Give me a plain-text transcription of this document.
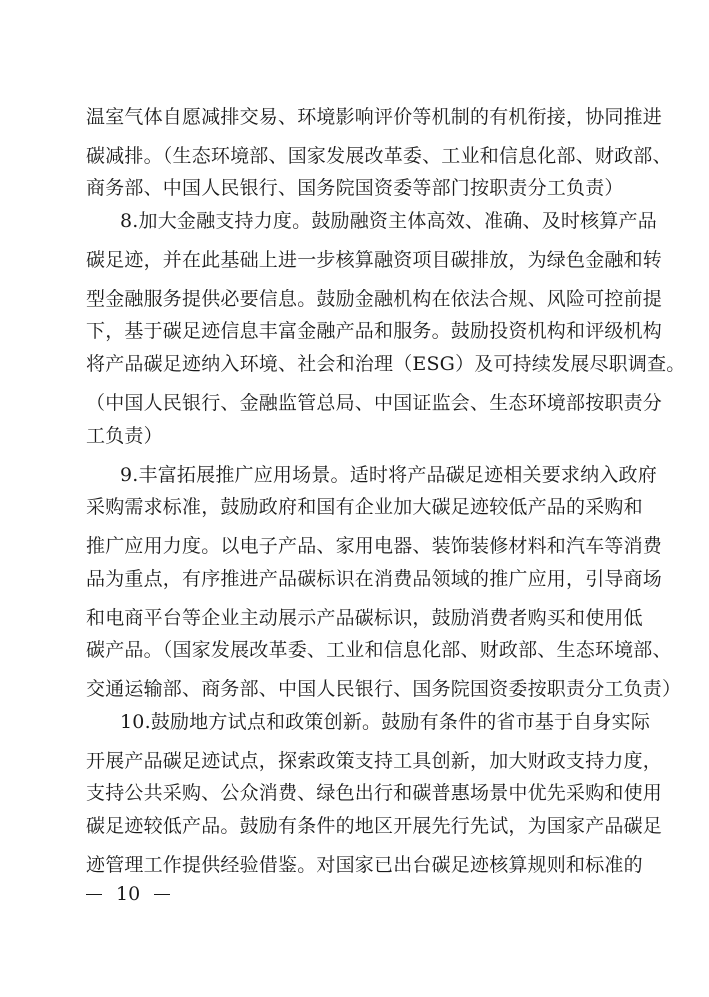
温室气体自愿减排交易、环境影响评价等机制的有机衔接，协同推进
碳减排。（生态环境部、国家发展改革委、工业和信息化部、财政部、
商务部、中国人民银行、国务院国资委等部门按职责分工负责）
8.加大金融支持力度。鼓励融资主体高效、准确、及时核算产品
碳足迹，并在此基础上进一步核算融资项目碳排放，为绿色金融和转
型金融服务提供必要信息。鼓励金融机构在依法合规、风险可控前提
下，基于碳足迹信息丰富金融产品和服务。鼓励投资机构和评级机构
将产品碳足迹纳入环境、社会和治理（ESG）及可持续发展尽职调查。
（中国人民银行、金融监管总局、中国证监会、生态环境部按职责分
工负责）
9.丰富拓展推广应用场景。适时将产品碳足迹相关要求纳入政府
采购需求标准，鼓励政府和国有企业加大碳足迹较低产品的采购和
推广应用力度。以电子产品、家用电器、装饰装修材料和汽车等消费
品为重点，有序推进产品碳标识在消费品领域的推广应用，引导商场
和电商平台等企业主动展示产品碳标识，鼓励消费者购买和使用低
碳产品。（国家发展改革委、工业和信息化部、财政部、生态环境部、
交通运输部、商务部、中国人民银行、国务院国资委按职责分工负责）
10.鼓励地方试点和政策创新。鼓励有条件的省市基于自身实际
开展产品碳足迹试点，探索政策支持工具创新，加大财政支持力度，
支持公共采购、公众消费、绿色出行和碳普惠场景中优先采购和使用
碳足迹较低产品。鼓励有条件的地区开展先行先试，为国家产品碳足
迹管理工作提供经验借鉴。对国家已出台碳足迹核算规则和标准的
10
